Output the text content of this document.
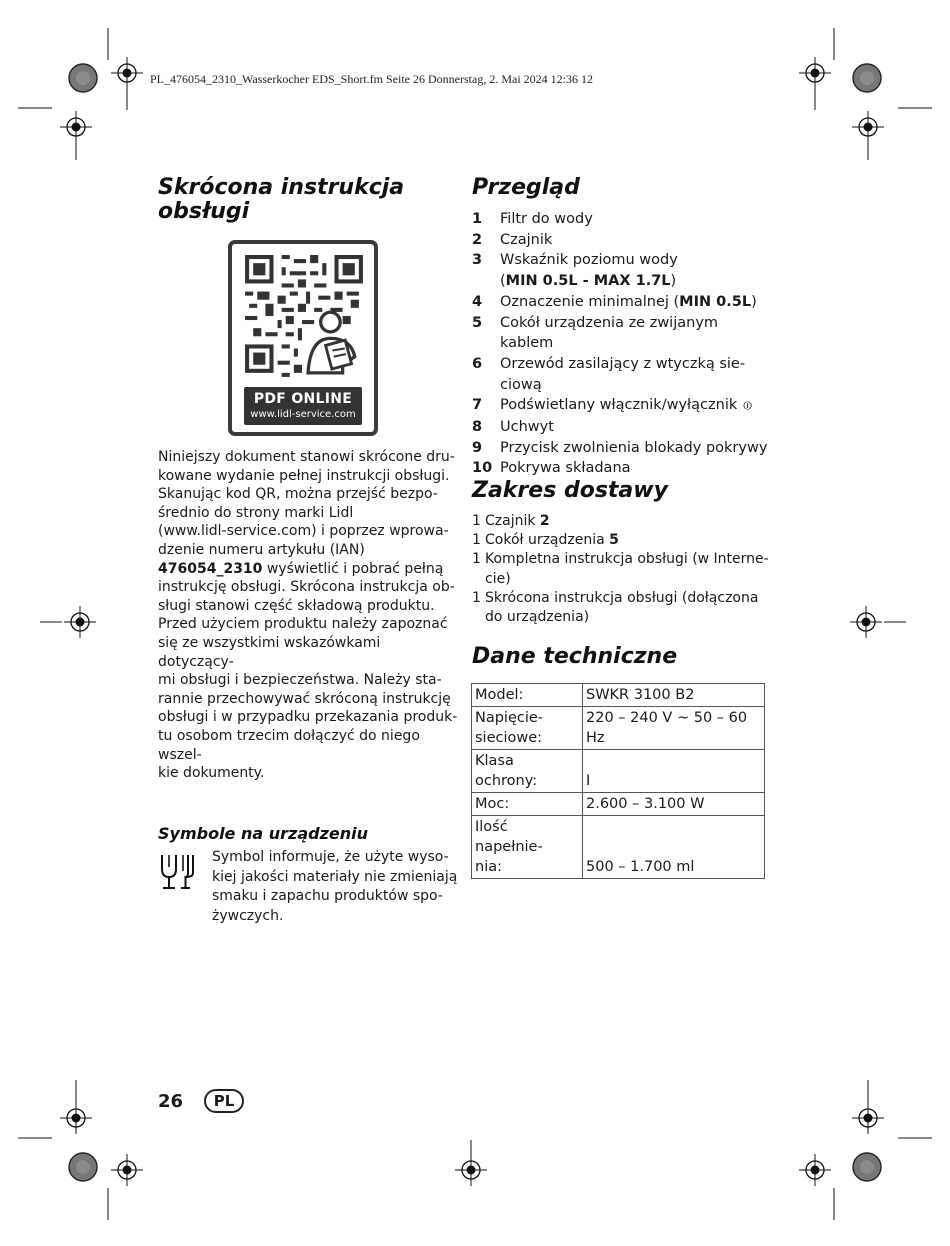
PL_476054_2310_Wasserkocher EDS_Short.fm Seite 26 Donnerstag, 2. Mai 2024 12:36 12
Skrócona instrukcja
obsługi
PDF ONLINE
www.lidl-service.com
Niniejszy dokument stanowi skrócone dru-
kowane wydanie pełnej instrukcji obsługi.
Skanując kod QR, można przejść bezpo-
średnio do strony marki Lidl
(www.lidl-service.com) i poprzez wprowa-
dzenie numeru artykułu (IAN)
476054_2310 wyświetlić i pobrać pełną
instrukcję obsługi. Skrócona instrukcja ob-
sługi stanowi część składową produktu.
Przed użyciem produktu należy zapoznać
się ze wszystkimi wskazówkami dotyczący-
mi obsługi i bezpieczeństwa. Należy sta-
rannie przechowywać skróconą instrukcję
obsługi i w przypadku przekazania produk-
tu osobom trzecim dołączyć do niego wszel-
kie dokumenty.
Symbole na urządzeniu
Symbol informuje, że użyte wyso-
kiej jakości materiały nie zmieniają
smaku i zapachu produktów spo-
żywczych.
Przegląd
1 Filtr do wody
2 Czajnik
3 Wskaźnik poziomu wody
(MIN 0.5L - MAX 1.7L)
4 Oznaczenie minimalnej (MIN 0.5L)
5 Cokół urządzenia ze zwijanym kablem
6 Orzewód zasilający z wtyczką sie-
ciową
7 Podświetlany włącznik/wyłącznik ⏼
8 Uchwyt
9 Przycisk zwolnienia blokady pokrywy
10 Pokrywa składana
Zakres dostawy
1 Czajnik 2
1 Cokół urządzenia 5
1 Kompletna instrukcja obsługi (w Interne-
cie)
1 Skrócona instrukcja obsługi (dołączona
do urządzenia)
Dane techniczne
Model:	SWKR 3100 B2
Napięcie-
sieciowe:	220 – 240 V ~ 50 – 60 Hz
Klasa ochrony:	I
Moc:	2.600 – 3.100 W
Ilość napełnie-
nia:	500 – 1.700 ml
26	PL
